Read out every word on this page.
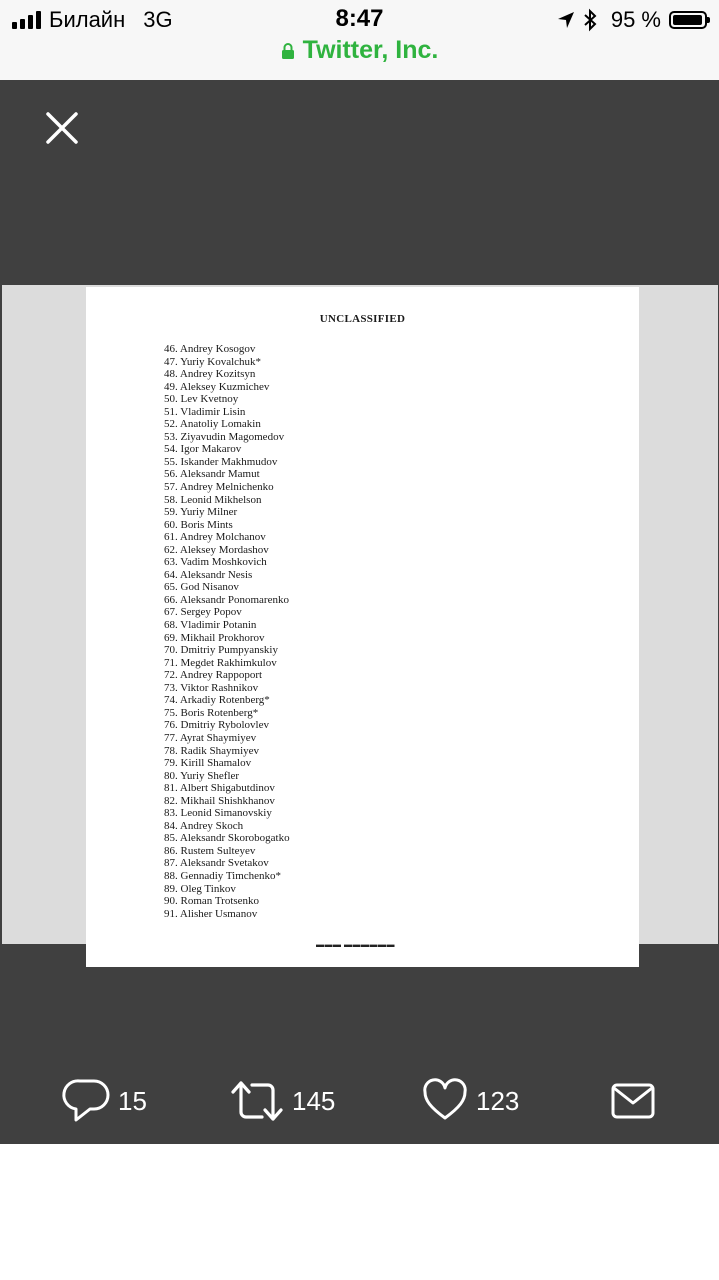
Билайн 3G	8:47	95 %
Twitter, Inc.
UNCLASSIFIED
46. Andrey Kosogov
47. Yuriy Kovalchuk*
48. Andrey Kozitsyn
49. Aleksey Kuzmichev
50. Lev Kvetnoy
51. Vladimir Lisin
52. Anatoliy Lomakin
53. Ziyavudin Magomedov
54. Igor Makarov
55. Iskander Makhmudov
56. Aleksandr Mamut
57. Andrey Melnichenko
58. Leonid Mikhelson
59. Yuriy Milner
60. Boris Mints
61. Andrey Molchanov
62. Aleksey Mordashov
63. Vadim Moshkovich
64. Aleksandr Nesis
65. God Nisanov
66. Aleksandr Ponomarenko
67. Sergey Popov
68. Vladimir Potanin
69. Mikhail Prokhorov
70. Dmitriy Pumpyanskiy
71. Megdet Rakhimkulov
72. Andrey Rappoport
73. Viktor Rashnikov
74. Arkadiy Rotenberg*
75. Boris Rotenberg*
76. Dmitriy Rybolovlev
77. Ayrat Shaymiyev
78. Radik Shaymiyev
79. Kirill Shamalov
80. Yuriy Shefler
81. Albert Shigabutdinov
82. Mikhail Shishkhanov
83. Leonid Simanovskiy
84. Andrey Skoch
85. Aleksandr Skorobogatko
86. Rustem Sulteyev
87. Aleksandr Svetakov
88. Gennadiy Timchenko*
89. Oleg Tinkov
90. Roman Trotsenko
91. Alisher Usmanov
▬▬▬ ▬▬▬▬▬▬
15	145	123
